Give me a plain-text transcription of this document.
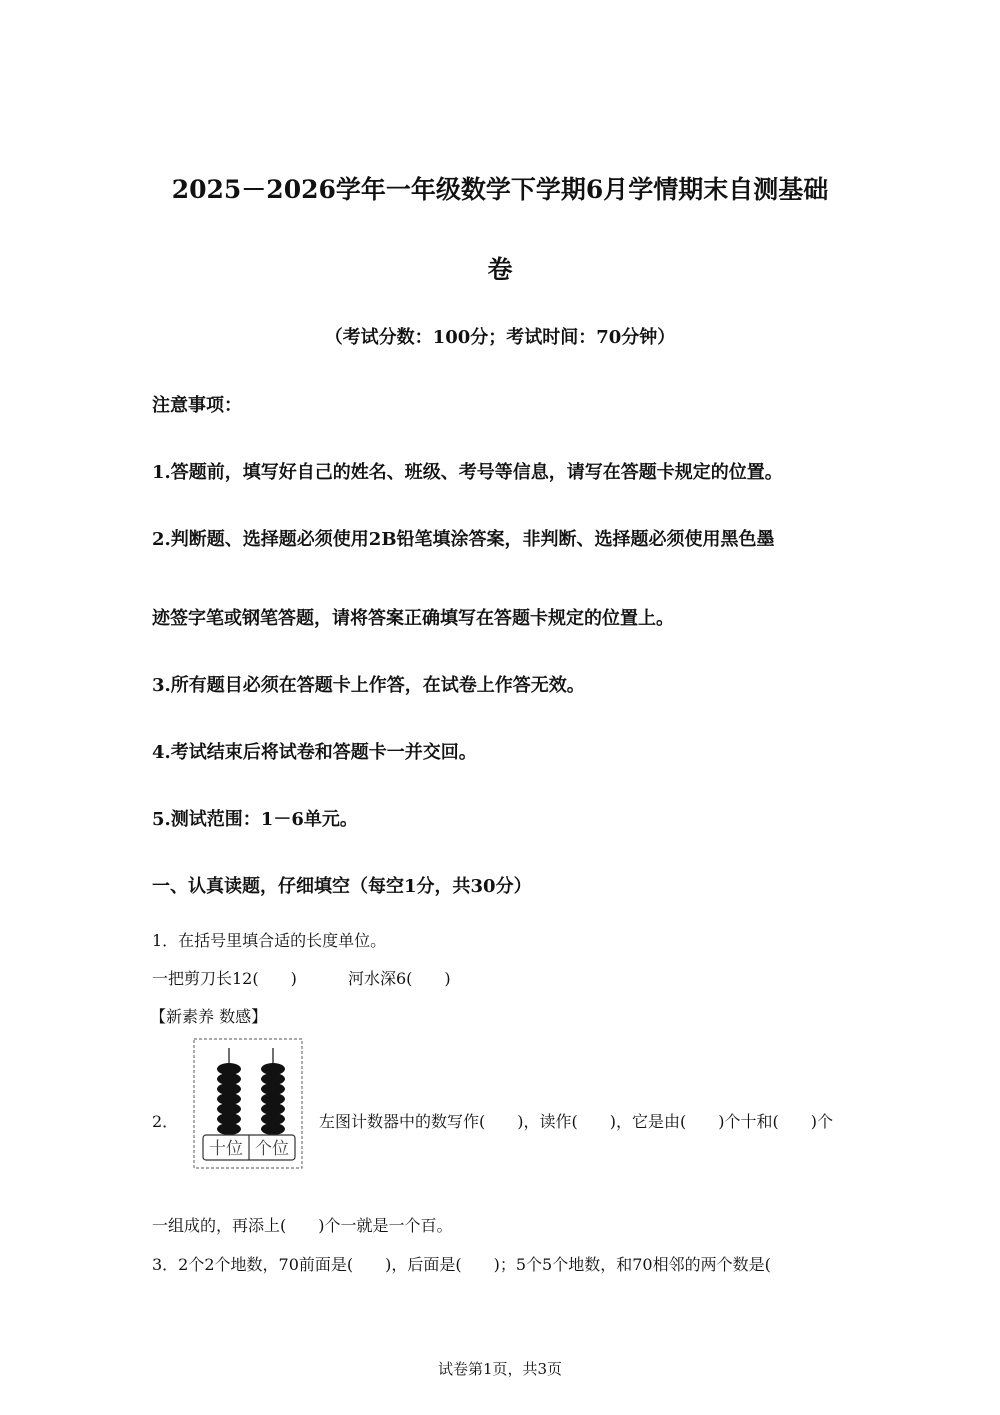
2025－2026学年一年级数学下学期6月学情期末自测基础
卷
（考试分数：100分；考试时间：70分钟）
注意事项：
1.答题前，填写好自己的姓名、班级、考号等信息，请写在答题卡规定的位置。
2.判断题、选择题必须使用2B铅笔填涂答案，非判断、选择题必须使用黑色墨
迹签字笔或钢笔答题，请将答案正确填写在答题卡规定的位置上。
3.所有题目必须在答题卡上作答，在试卷上作答无效。
4.考试结束后将试卷和答题卡一并交回。
5.测试范围：1－6单元。
一、认真读题，仔细填空（每空1分，共30分）
1．在括号里填合适的长度单位。
一把剪刀长12(　　)	河水深6(　　)
【新素养 数感】
2．
十位 个位
左图计数器中的数写作(　　)，读作(　　)，它是由(　　)个十和(　　)个
一组成的，再添上(　　)个一就是一个百。
3．2个2个地数，70前面是(　　)，后面是(　　)；5个5个地数，和70相邻的两个数是(
试卷第1页，共3页
